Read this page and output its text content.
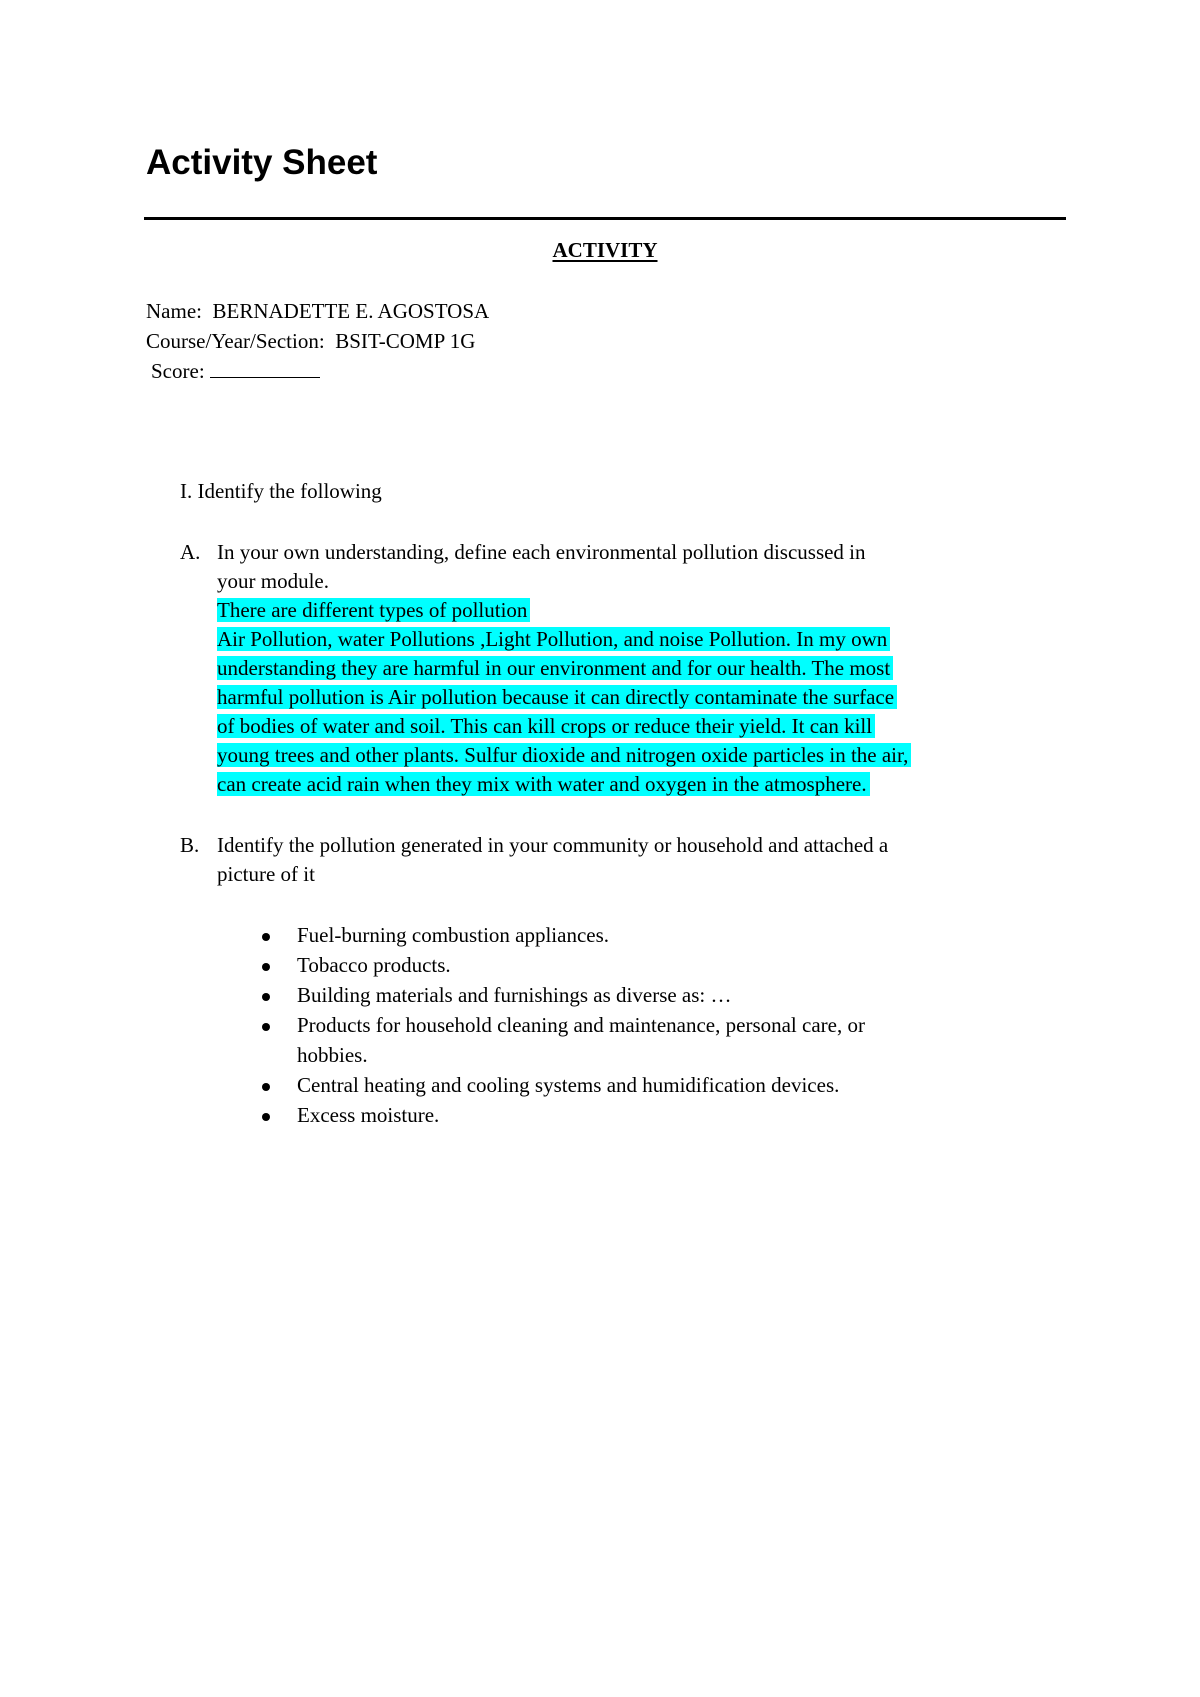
Activity Sheet
ACTIVITY
Name: BERNADETTE E. AGOSTOSA
Course/Year/Section: BSIT-COMP 1G
Score:
I. Identify the following
A. In your own understanding, define each environmental pollution discussed in
your module.
There are different types of pollution
Air Pollution, water Pollutions ,Light Pollution, and noise Pollution. In my own
understanding they are harmful in our environment and for our health. The most
harmful pollution is Air pollution because it can directly contaminate the surface
of bodies of water and soil. This can kill crops or reduce their yield. It can kill
young trees and other plants. Sulfur dioxide and nitrogen oxide particles in the air,
can create acid rain when they mix with water and oxygen in the atmosphere.
B. Identify the pollution generated in your community or household and attached a
picture of it
Fuel-burning combustion appliances.
Tobacco products.
Building materials and furnishings as diverse as: …
Products for household cleaning and maintenance, personal care, or
hobbies.
Central heating and cooling systems and humidification devices.
Excess moisture.
